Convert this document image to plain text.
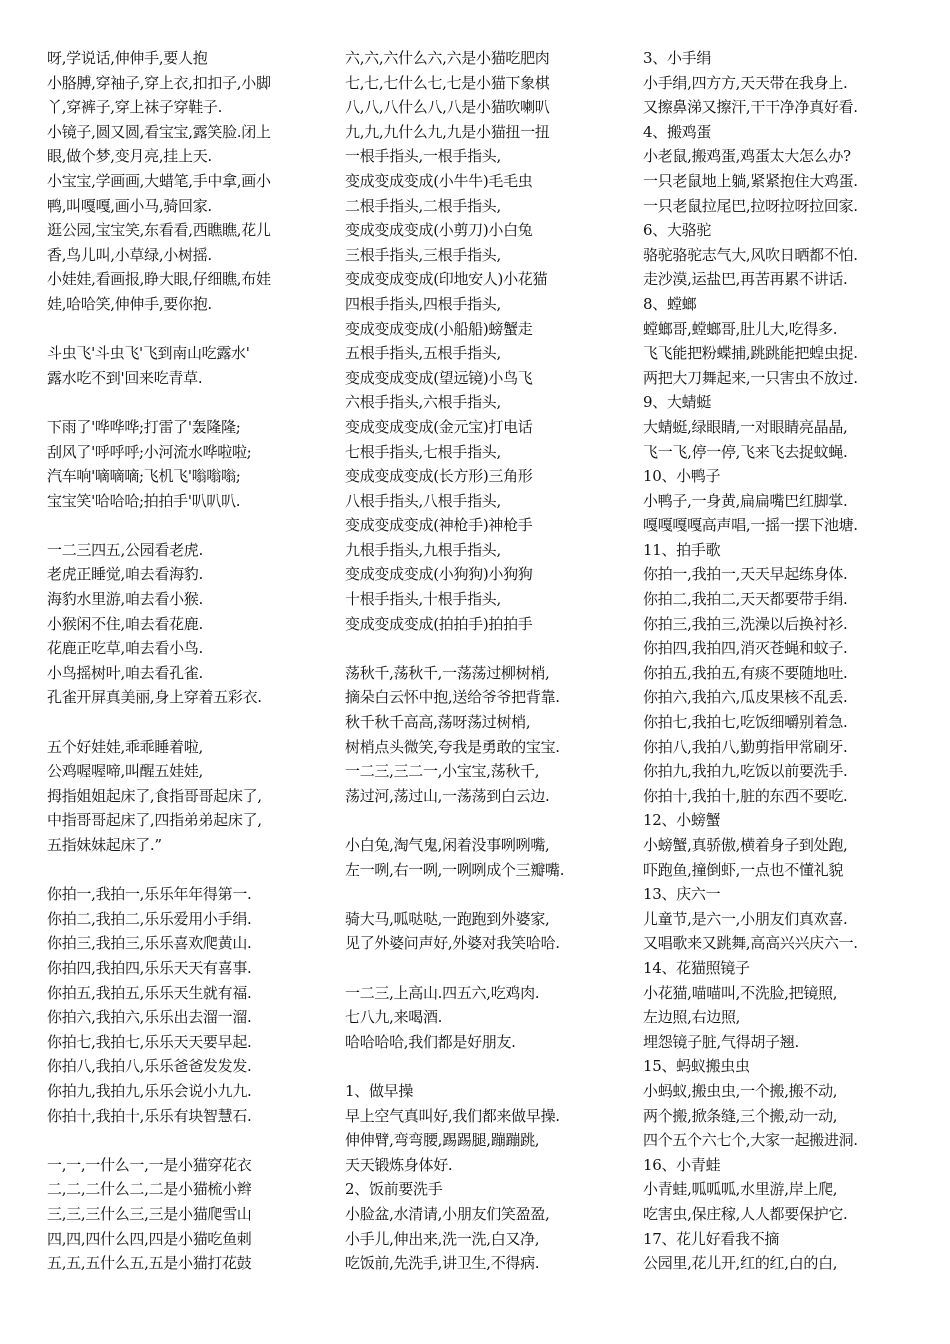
呀,学说话,伸伸手,要人抱
小胳膊,穿袖子,穿上衣,扣扣子,小脚
丫,穿裤子,穿上袜子穿鞋子.
小镜子,圆又圆,看宝宝,露笑脸.闭上
眼,做个梦,变月亮,挂上天.
小宝宝,学画画,大蜡笔,手中拿,画小
鸭,叫嘎嘎,画小马,骑回家.
逛公园,宝宝笑,东看看,西瞧瞧,花儿
香,鸟儿叫,小草绿,小树摇.
小娃娃,看画报,睁大眼,仔细瞧,布娃
娃,哈哈笑,伸伸手,要你抱.
斗虫飞'斗虫飞'飞到南山吃露水'
露水吃不到'回来吃青草.
下雨了'哗哗哗;打雷了'轰隆隆;
刮风了'呼呼呼;小河流水哗啦啦;
汽车响'嘀嘀嘀;飞机飞'嗡嗡嗡;
宝宝笑'哈哈哈;拍拍手'叭叭叭.
一二三四五,公园看老虎.
老虎正睡觉,咱去看海豹.
海豹水里游,咱去看小猴.
小猴闲不住,咱去看花鹿.
花鹿正吃草,咱去看小鸟.
小鸟摇树叶,咱去看孔雀.
孔雀开屏真美丽,身上穿着五彩衣.
五个好娃娃,乖乖睡着啦,
公鸡喔喔啼,叫醒五娃娃,
拇指姐姐起床了,食指哥哥起床了,
中指哥哥起床了,四指弟弟起床了,
五指妹妹起床了.”
你拍一,我拍一,乐乐年年得第一.
你拍二,我拍二,乐乐爱用小手绢.
你拍三,我拍三,乐乐喜欢爬黄山.
你拍四,我拍四,乐乐天天有喜事.
你拍五,我拍五,乐乐天生就有福.
你拍六,我拍六,乐乐出去溜一溜.
你拍七,我拍七,乐乐天天要早起.
你拍八,我拍八,乐乐爸爸发发发.
你拍九,我拍九,乐乐会说小九九.
你拍十,我拍十,乐乐有块智慧石.
一,一,一什么一,一是小猫穿花衣
二,二,二什么二,二是小猫梳小辫
三,三,三什么三,三是小猫爬雪山
四,四,四什么四,四是小猫吃鱼刺
五,五,五什么五,五是小猫打花鼓
六,六,六什么六,六是小猫吃肥肉
七,七,七什么七,七是小猫下象棋
八,八,八什么八,八是小猫吹喇叭
九,九,九什么九,九是小猫扭一扭
一根手指头,一根手指头,
变成变成变成(小牛牛)毛毛虫
二根手指头,二根手指头,
变成变成变成(小剪刀)小白兔
三根手指头,三根手指头,
变成变成变成(印地安人)小花猫
四根手指头,四根手指头,
变成变成变成(小船船)螃蟹走
五根手指头,五根手指头,
变成变成变成(望远镜)小鸟飞
六根手指头,六根手指头,
变成变成变成(金元宝)打电话
七根手指头,七根手指头,
变成变成变成(长方形)三角形
八根手指头,八根手指头,
变成变成变成(神枪手)神枪手
九根手指头,九根手指头,
变成变成变成(小狗狗)小狗狗
十根手指头,十根手指头,
变成变成变成(拍拍手)拍拍手
荡秋千,荡秋千,一荡荡过柳树梢,
摘朵白云怀中抱,送给爷爷把背靠.
秋千秋千高高,荡呀荡过树梢,
树梢点头微笑,夸我是勇敢的宝宝.
一二三,三二一,小宝宝,荡秋千,
荡过河,荡过山,一荡荡到白云边.
小白兔,淘气鬼,闲着没事咧咧嘴,
左一咧,右一咧,一咧咧成个三瓣嘴.
骑大马,呱哒哒,一跑跑到外婆家,
见了外婆问声好,外婆对我笑哈哈.
一二三,上高山.四五六,吃鸡肉.
七八九,来喝酒.
哈哈哈哈,我们都是好朋友.
1、做早操
早上空气真叫好,我们都来做早操.
伸伸臂,弯弯腰,踢踢腿,蹦蹦跳,
天天锻炼身体好.
2、饭前要洗手
小脸盆,水清请,小朋友们笑盈盈,
小手儿,伸出来,洗一洗,白又净,
吃饭前,先洗手,讲卫生,不得病.
3、小手绢
小手绢,四方方,天天带在我身上.
又擦鼻涕又擦汗,干干净净真好看.
4、搬鸡蛋
小老鼠,搬鸡蛋,鸡蛋太大怎么办?
一只老鼠地上躺,紧紧抱住大鸡蛋.
一只老鼠拉尾巴,拉呀拉呀拉回家.
6、大骆驼
骆驼骆驼志气大,风吹日晒都不怕.
走沙漠,运盐巴,再苦再累不讲话.
8、螳螂
螳螂哥,螳螂哥,肚儿大,吃得多.
飞飞能把粉蝶捕,跳跳能把蝗虫捉.
两把大刀舞起来,一只害虫不放过.
9、大蜻蜓
大蜻蜓,绿眼睛,一对眼睛亮晶晶,
飞一飞,停一停,飞来飞去捉蚊蝇.
10、小鸭子
小鸭子,一身黄,扁扁嘴巴红脚掌.
嘎嘎嘎嘎高声唱,一摇一摆下池塘.
11、拍手歌
你拍一,我拍一,天天早起练身体.
你拍二,我拍二,天天都要带手绢.
你拍三,我拍三,洗澡以后换衬衫.
你拍四,我拍四,消灭苍蝇和蚊子.
你拍五,我拍五,有痰不要随地吐.
你拍六,我拍六,瓜皮果核不乱丢.
你拍七,我拍七,吃饭细嚼别着急.
你拍八,我拍八,勤剪指甲常刷牙.
你拍九,我拍九,吃饭以前要洗手.
你拍十,我拍十,脏的东西不要吃.
12、小螃蟹
小螃蟹,真骄傲,横着身子到处跑,
吓跑鱼,撞倒虾,一点也不懂礼貌
13、庆六一
儿童节,是六一,小朋友们真欢喜.
又唱歌来又跳舞,高高兴兴庆六一.
14、花猫照镜子
小花猫,喵喵叫,不洗脸,把镜照,
左边照,右边照,
埋怨镜子脏,气得胡子翘.
15、蚂蚁搬虫虫
小蚂蚁,搬虫虫,一个搬,搬不动,
两个搬,掀条缝,三个搬,动一动,
四个五个六七个,大家一起搬进洞.
16、小青蛙
小青蛙,呱呱呱,水里游,岸上爬,
吃害虫,保庄稼,人人都要保护它.
17、花儿好看我不摘
公园里,花儿开,红的红,白的白,
